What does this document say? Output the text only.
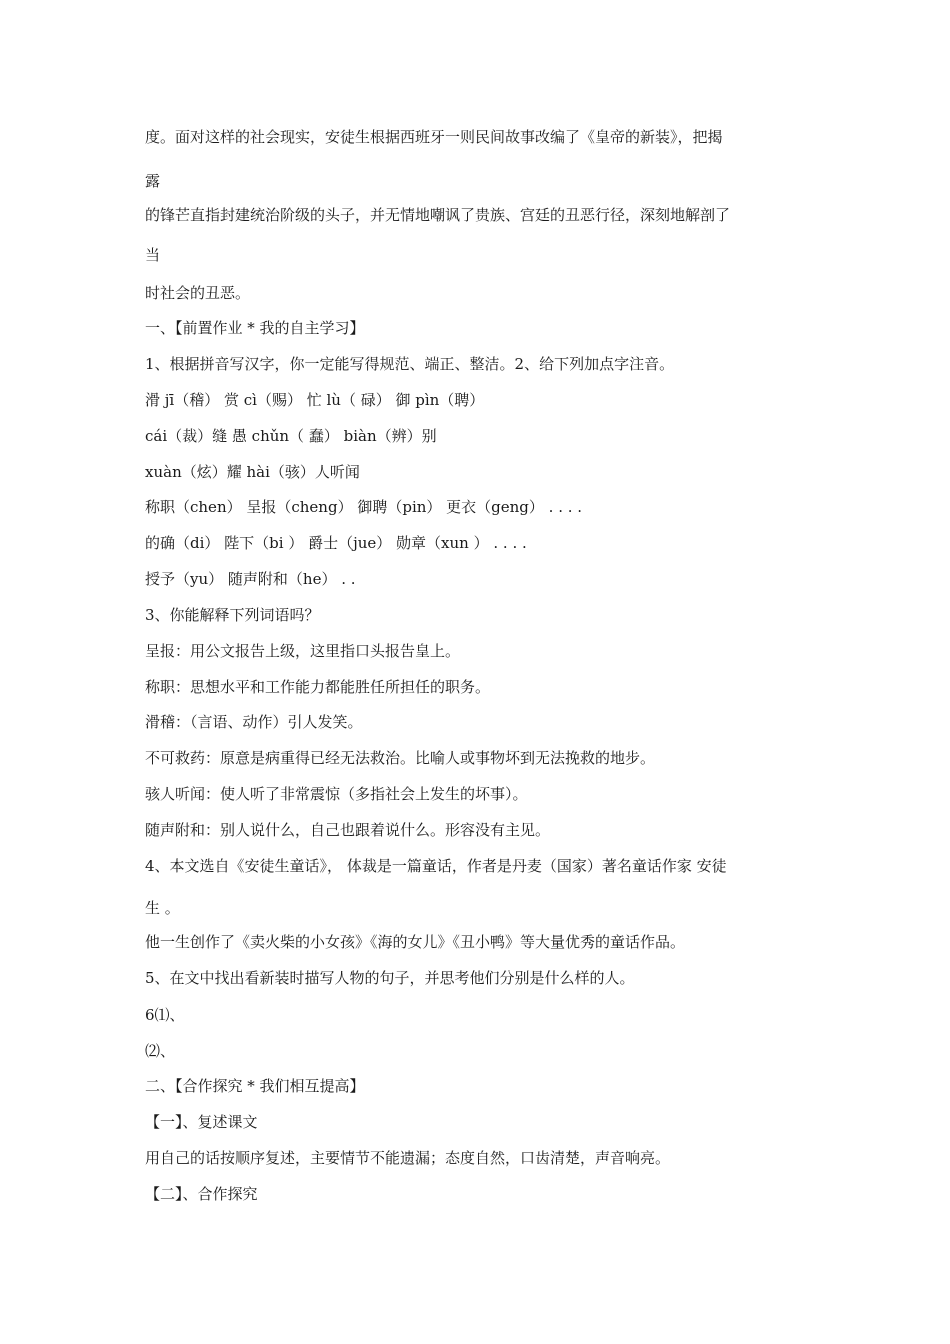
度。面对这样的社会现实，安徒生根据西班牙一则民间故事改编了《皇帝的新装》，把揭
露
的锋芒直指封建统治阶级的头子，并无情地嘲讽了贵族、宫廷的丑恶行径，深刻地解剖了
当
时社会的丑恶。
一、【前置作业 * 我的自主学习】
1、根据拼音写汉字，你一定能写得规范、端正、整洁。2、给下列加点字注音。
滑 jī（稽） 赏 cì（赐） 忙 lù（ 碌） 御 pìn（聘）
cái（裁）缝 愚 chǔn（ 蠢） biàn（辨）别
xuàn（炫）耀 hài（骇）人听闻
称职（chen） 呈报（cheng） 御聘（pin） 更衣（geng） . . . .
的确（di） 陛下（bi ） 爵士（jue） 勋章（xun ） . . . .
授予（yu） 随声附和（he） . .
3、你能解释下列词语吗？
呈报：用公文报告上级，这里指口头报告皇上。
称职：思想水平和工作能力都能胜任所担任的职务。
滑稽：（言语、动作）引人发笑。
不可救药：原意是病重得已经无法救治。比喻人或事物坏到无法挽救的地步。
骇人听闻：使人听了非常震惊（多指社会上发生的坏事）。
随声附和：别人说什么，自己也跟着说什么。形容没有主见。
4、本文选自《安徒生童话》， 体裁是一篇童话，作者是丹麦（国家）著名童话作家 安徒
生 。
他一生创作了《卖火柴的小女孩》《海的女儿》《丑小鸭》等大量优秀的童话作品。
5、在文中找出看新装时描写人物的句子，并思考他们分别是什么样的人。
6⑴、
⑵、
二、【合作探究 * 我们相互提高】
【一】、复述课文
用自己的话按顺序复述，主要情节不能遗漏；态度自然，口齿清楚，声音响亮。
【二】、合作探究
